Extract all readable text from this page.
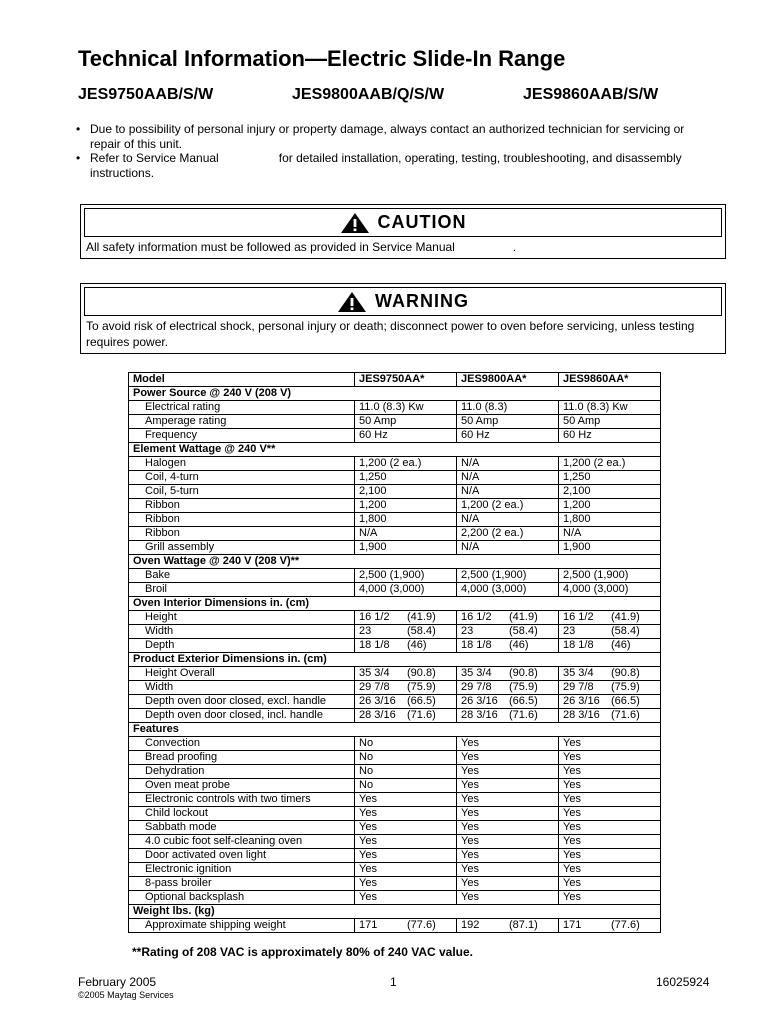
Technical Information—Electric Slide-In Range
JES9750AAB/S/W	JES9800AAB/Q/S/W	JES9860AAB/S/W
• Due to possibility of personal injury or property damage, always contact an authorized technician for servicing or repair of this unit.
• Refer to Service Manual	for detailed installation, operating, testing, troubleshooting, and disassembly instructions.
CAUTION
All safety information must be followed as provided in Service Manual	.
WARNING
To avoid risk of electrical shock, personal injury or death; disconnect power to oven before servicing, unless testing requires power.
Model	JES9750AA*	JES9800AA*	JES9860AA*
Power Source @ 240 V (208 V)			
Electrical rating	11.0 (8.3) Kw	11.0 (8.3)	11.0 (8.3) Kw
Amperage rating	50 Amp	50 Amp	50 Amp
Frequency	60 Hz	60 Hz	60 Hz
Element Wattage @ 240 V**			
Halogen	1,200 (2 ea.)	N/A	1,200 (2 ea.)
Coil, 4-turn	1,250	N/A	1,250
Coil, 5-turn	2,100	N/A	2,100
Ribbon	1,200	1,200 (2 ea.)	1,200
Ribbon	1,800	N/A	1,800
Ribbon	N/A	2,200 (2 ea.)	N/A
Grill assembly	1,900	N/A	1,900
Oven Wattage @ 240 V (208 V)**			
Bake	2,500 (1,900)	2,500 (1,900)	2,500 (1,900)
Broil	4,000 (3,000)	4,000 (3,000)	4,000 (3,000)
Oven Interior Dimensions in. (cm)			
Height	16 1/2 (41.9)	16 1/2 (41.9)	16 1/2 (41.9)
Width	23 (58.4)	23 (58.4)	23 (58.4)
Depth	18 1/8 (46)	18 1/8 (46)	18 1/8 (46)
Product Exterior Dimensions in. (cm)			
Height Overall	35 3/4 (90.8)	35 3/4 (90.8)	35 3/4 (90.8)
Width	29 7/8 (75.9)	29 7/8 (75.9)	29 7/8 (75.9)
Depth oven door closed, excl. handle	26 3/16 (66.5)	26 3/16 (66.5)	26 3/16 (66.5)
Depth oven door closed, incl. handle	28 3/16 (71.6)	28 3/16 (71.6)	28 3/16 (71.6)
Features			
Convection	No	Yes	Yes
Bread proofing	No	Yes	Yes
Dehydration	No	Yes	Yes
Oven meat probe	No	Yes	Yes
Electronic controls with two timers	Yes	Yes	Yes
Child lockout	Yes	Yes	Yes
Sabbath mode	Yes	Yes	Yes
4.0 cubic foot self-cleaning oven	Yes	Yes	Yes
Door activated oven light	Yes	Yes	Yes
Electronic ignition	Yes	Yes	Yes
8-pass broiler	Yes	Yes	Yes
Optional backsplash	Yes	Yes	Yes
Weight lbs. (kg)			
Approximate shipping weight	171 (77.6)	192 (87.1)	171 (77.6)
**Rating of 208 VAC is approximately 80% of 240 VAC value.
February 2005
©2005 Maytag Services
1	16025924
